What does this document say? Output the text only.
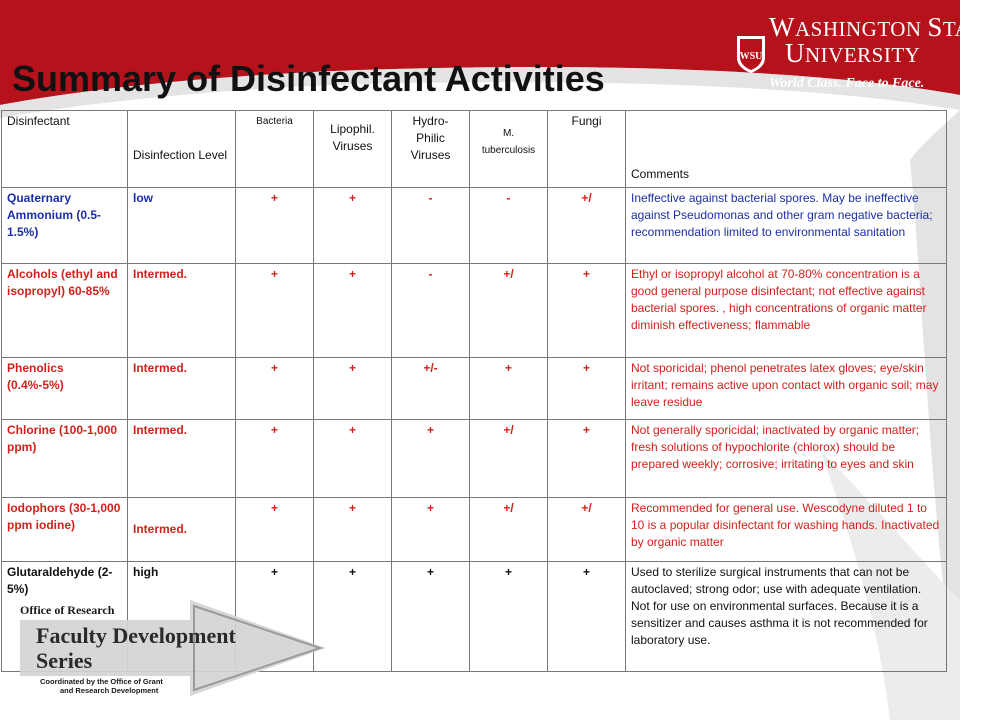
Summary of Disinfectant Activities
WASHINGTON STATE
WSU UNIVERSITY
World Class. Face to Face.
Disinfectant	Disinfection Level	Bacteria	Lipophil. Viruses	Hydro- Philic Viruses	M. tuberculosis	Fungi	Comments
Quaternary Ammonium (0.5-1.5%)	low	+	+	-	-	+/	Ineffective against bacterial spores. May be ineffective against Pseudomonas and other gram negative bacteria; recommendation limited to environmental sanitation
Alcohols (ethyl and isopropyl) 60-85%	Intermed.	+	+	-	+/	+	Ethyl or isopropyl alcohol at 70-80% concentration is a good general purpose disinfectant; not effective against bacterial spores. , high concentrations of organic matter diminish effectiveness; flammable
Phenolics (0.4%-5%)	Intermed.	+	+	+/-	+	+	Not sporicidal; phenol penetrates latex gloves; eye/skin irritant; remains active upon contact with organic soil; may leave residue
Chlorine (100-1,000 ppm)	Intermed.	+	+	+	+/	+	Not generally sporicidal; inactivated by organic matter; fresh solutions of hypochlorite (chlorox) should be prepared weekly; corrosive; irritating to eyes and skin
Iodophors (30-1,000 ppm iodine)	Intermed.	+	+	+	+/	+/	Recommended for general use. Wescodyne diluted 1 to 10 is a popular disinfectant for washing hands. Inactivated by organic matter
Glutaraldehyde (2-5%)	high	+	+	+	+	+	Used to sterilize surgical instruments that can not be autoclaved; strong odor; use with adequate ventilation. Not for use on environmental surfaces. Because it is a sensitizer and causes asthma it is not recommended for laboratory use.
Office of Research
Faculty Development
Series
Coordinated by the Office of Grant
and Research Development
